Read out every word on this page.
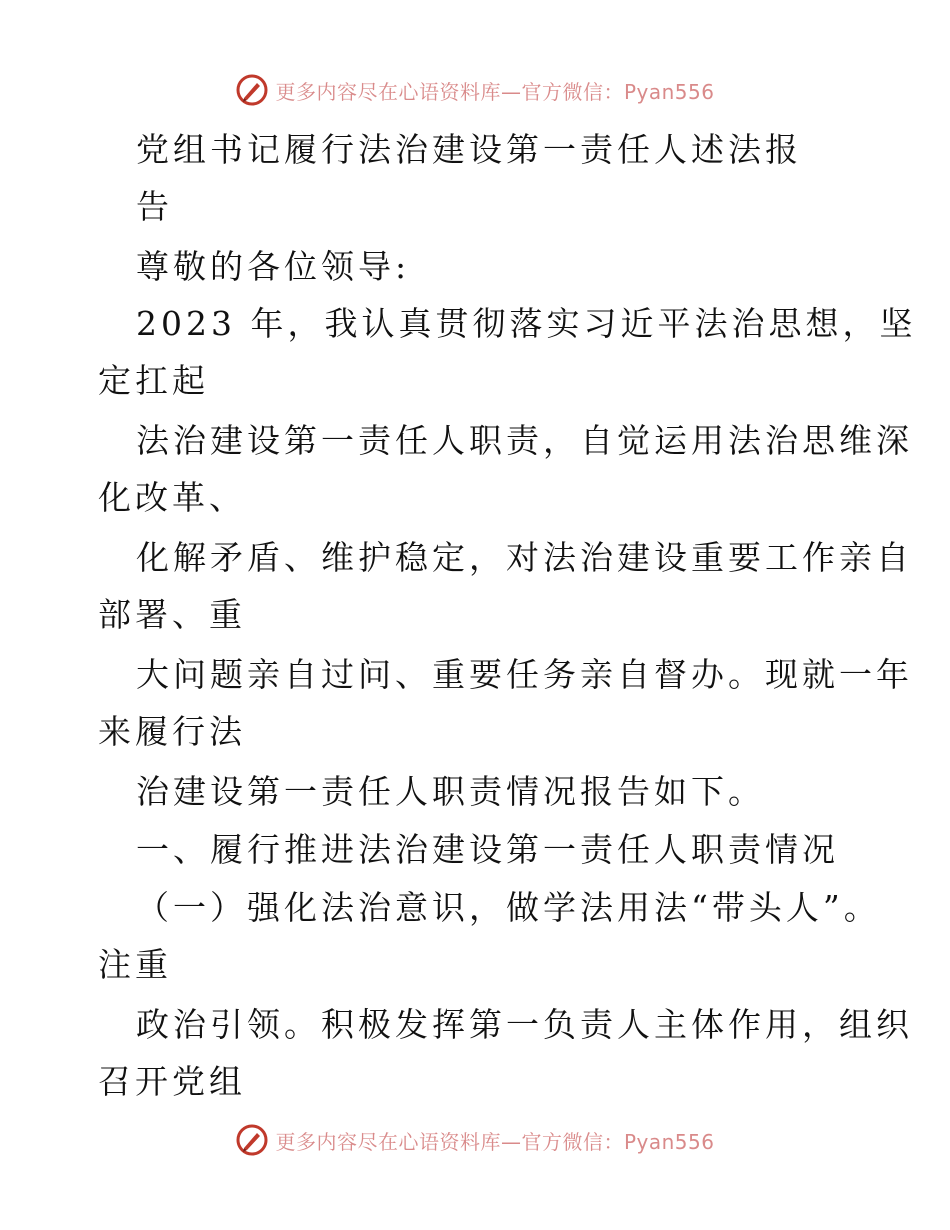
更多内容尽在心语资料库—官方微信：Pyan556
党组书记履行法治建设第一责任人述法报
告
尊敬的各位领导:
2023 年，我认真贯彻落实习近平法治思想，坚
定扛起
法治建设第一责任人职责，自觉运用法治思维深
化改革、
化解矛盾、维护稳定，对法治建设重要工作亲自
部署、重
大问题亲自过问、重要任务亲自督办。现就一年
来履行法
治建设第一责任人职责情况报告如下。
一、履行推进法治建设第一责任人职责情况
（一）强化法治意识，做学法用法“带头人”。
注重
政治引领。积极发挥第一负责人主体作用，组织
召开党组
更多内容尽在心语资料库—官方微信：Pyan556
